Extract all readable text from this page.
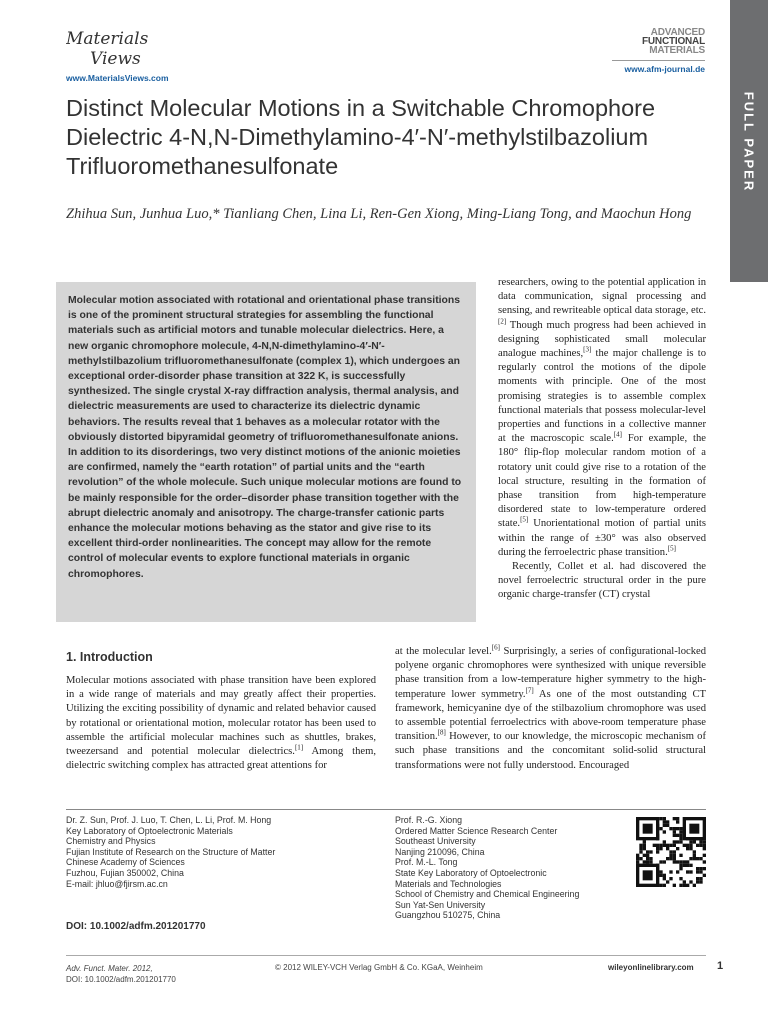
Materials
Views
www.MaterialsViews.com
ADVANCED
FUNCTIONAL
MATERIALS
www.afm-journal.de
FULL PAPER
Distinct Molecular Motions in a Switchable Chromophore Dielectric 4-N,N-Dimethylamino-4′-N′-methylstilbazolium Trifluoromethanesulfonate
Zhihua Sun, Junhua Luo,* Tianliang Chen, Lina Li, Ren-Gen Xiong, Ming-Liang Tong, and Maochun Hong
Molecular motion associated with rotational and orientational phase transitions is one of the prominent structural strategies for assembling the functional materials such as artificial motors and tunable molecular dielectrics. Here, a new organic chromophore molecule, 4-N,N-dimethylamino-4′-N′-methylstilbazolium trifluoromethanesulfonate (complex 1), which undergoes an exceptional order-disorder phase transition at 322 K, is successfully synthesized. The single crystal X-ray diffraction analysis, thermal analysis, and dielectric measurements are used to characterize its dielectric dynamic behaviors. The results reveal that 1 behaves as a molecular rotator with the obviously distorted bipyramidal geometry of trifluoromethanesulfonate anions. In addition to its disorderings, two very distinct motions of the anionic moieties are confirmed, namely the “earth rotation” of partial units and the “earth revolution” of the whole molecule. Such unique molecular motions are found to be mainly responsible for the order–disorder phase transition together with the abrupt dielectric anomaly and anisotropy. The charge-transfer cationic parts enhance the molecular motions behaving as the stator and give rise to its excellent third-order nonlinearities. The concept may allow for the remote control of molecular events to explore functional materials in organic chromophores.
1. Introduction
Molecular motions associated with phase transition have been explored in a wide range of materials and may greatly affect their properties. Utilizing the exciting possibility of dynamic and related behavior caused by rotational or orientational motion, molecular rotator has been used to assemble the artificial molecular machines such as shuttles, brakes, tweezersand and potential molecular dielectrics.[1] Among them, dielectric switching complex has attracted great attentions for

researchers, owing to the potential application in data communication, signal processing and sensing, and rewriteable optical data storage, etc.[2] Though much progress had been achieved in designing sophisticated small molecular analogue machines,[3] the major challenge is to regularly control the motions of the dipole moments with principle. One of the most promising strategies is to assemble complex functional materials that possess molecular-level properties and functions in a collective manner at the macroscopic scale.[4] For example, the 180° flip-flop molecular random motion of a rotatory unit could give rise to a rotation of the local structure, resulting in the formation of phase transition from high-temperature disordered state to low-temperature ordered state.[5] Unorientational motion of partial units within the range of ±30° was also observed during the ferroelectric phase transition.[5]

Recently, Collet et al. had discovered the novel ferroelectric structural order in the pure organic charge-transfer (CT) crystal

at the molecular level.[6] Surprisingly, a series of configurational-locked polyene organic chromophores were synthesized with unique reversible phase transition from a low-temperature higher symmetry to the high-temperature lower symmetry.[7] As one of the most outstanding CT framework, hemicyanine dye of the stilbazolium chromophore was used to assemble potential ferroelectrics with above-room temperature phase transition.[8] However, to our knowledge, the microscopic mechanism of such phase transitions and the concomitant solid-solid structural transformations were not fully understood. Encouraged
Dr. Z. Sun, Prof. J. Luo, T. Chen, L. Li, Prof. M. Hong
Key Laboratory of Optoelectronic Materials
Chemistry and Physics
Fujian Institute of Research on the Structure of Matter
Chinese Academy of Sciences
Fuzhou, Fujian 350002, China
E-mail: jhluo@fjirsm.ac.cn
Prof. R.-G. Xiong
Ordered Matter Science Research Center
Southeast University
Nanjing 210096, China
Prof. M.-L. Tong
State Key Laboratory of Optoelectronic
Materials and Technologies
School of Chemistry and Chemical Engineering
Sun Yat-Sen University
Guangzhou 510275, China
DOI: 10.1002/adfm.201201770
Adv. Funct. Mater. 2012,
DOI: 10.1002/adfm.201201770
© 2012 WILEY-VCH Verlag GmbH & Co. KGaA, Weinheim	wileyonlinelibrary.com 1
